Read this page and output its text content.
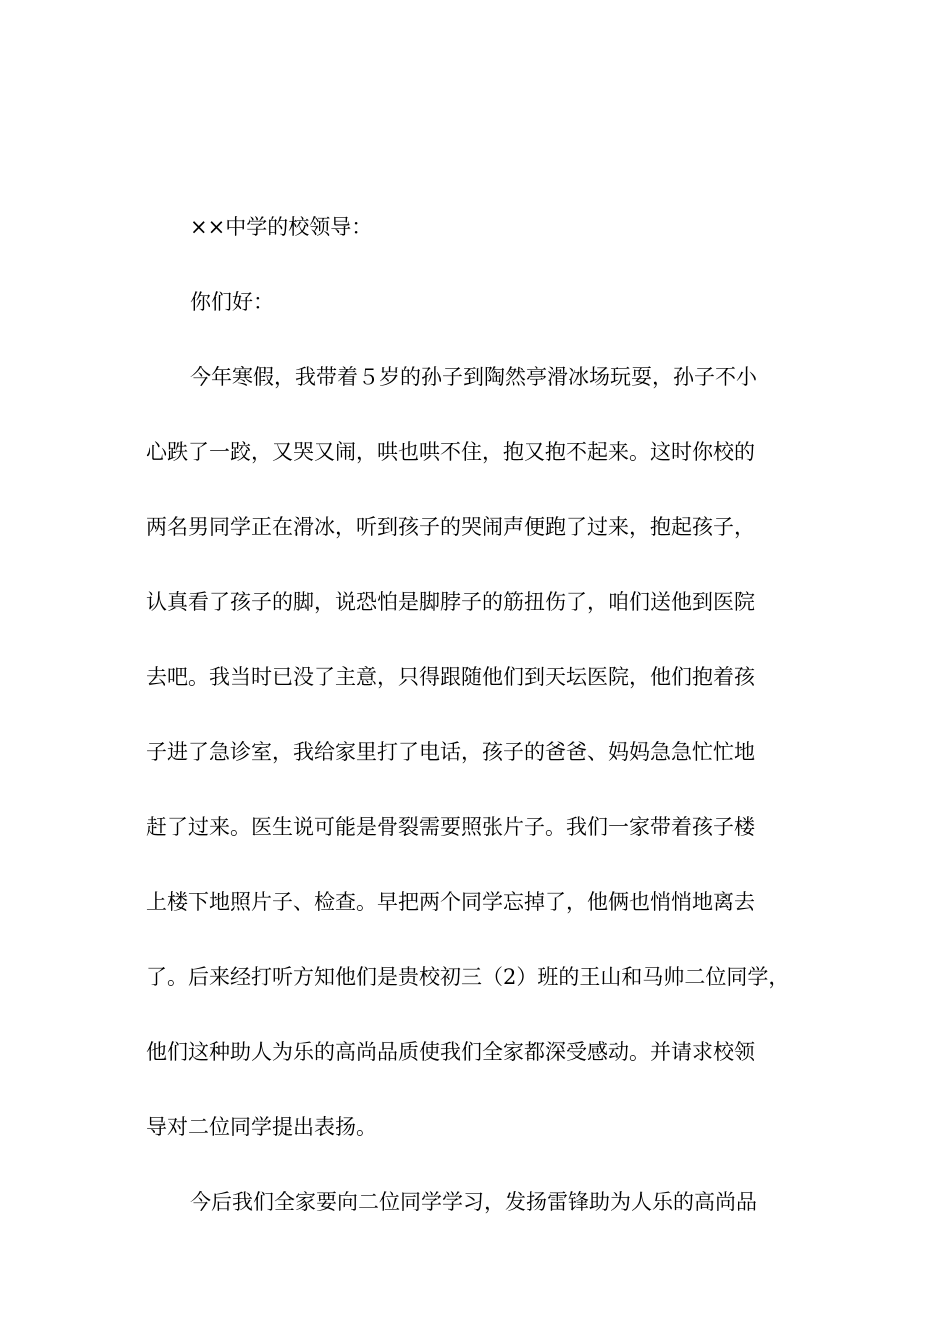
××中学的校领导：
你们好：
今年寒假，我带着５岁的孙子到陶然亭滑冰场玩耍，孙子不小
心跌了一跤，又哭又闹，哄也哄不住，抱又抱不起来。这时你校的
两名男同学正在滑冰，听到孩子的哭闹声便跑了过来，抱起孩子，
认真看了孩子的脚，说恐怕是脚脖子的筋扭伤了，咱们送他到医院
去吧。我当时已没了主意，只得跟随他们到天坛医院，他们抱着孩
子进了急诊室，我给家里打了电话，孩子的爸爸、妈妈急急忙忙地
赶了过来。医生说可能是骨裂需要照张片子。我们一家带着孩子楼
上楼下地照片子、检查。早把两个同学忘掉了，他俩也悄悄地离去
了。后来经打听方知他们是贵校初三（2）班的王山和马帅二位同学，
他们这种助人为乐的高尚品质使我们全家都深受感动。并请求校领
导对二位同学提出表扬。
今后我们全家要向二位同学学习，发扬雷锋助为人乐的高尚品
